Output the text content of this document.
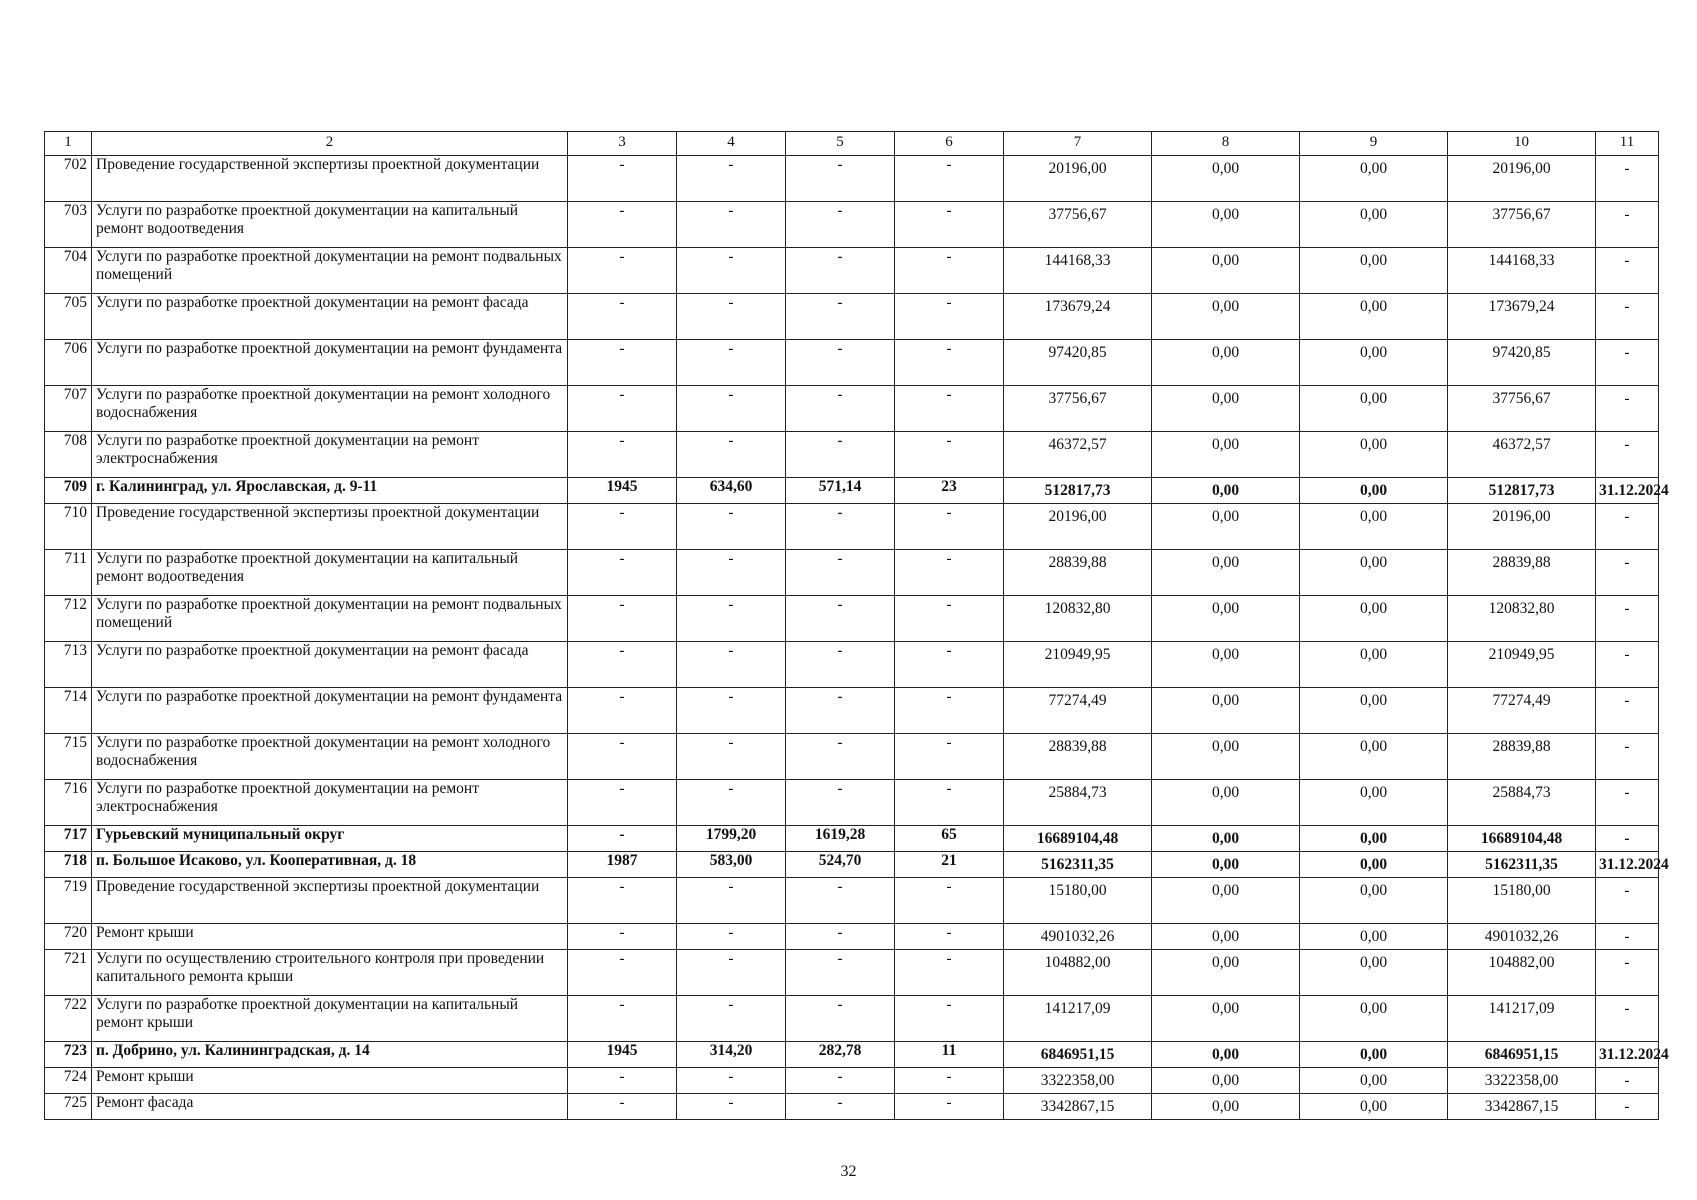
1	2	3	4	5	6	7	8	9	10	11
702	Проведение государственной экспертизы проектной документации	-	-	-	-	20196,00	0,00	0,00	20196,00	-
703	Услуги по разработке проектной документации на капитальный ремонт водоотведения	-	-	-	-	37756,67	0,00	0,00	37756,67	-
704	Услуги по разработке проектной документации на ремонт подвальных помещений	-	-	-	-	144168,33	0,00	0,00	144168,33	-
705	Услуги по разработке проектной документации на ремонт фасада	-	-	-	-	173679,24	0,00	0,00	173679,24	-
706	Услуги по разработке проектной документации на ремонт фундамента	-	-	-	-	97420,85	0,00	0,00	97420,85	-
707	Услуги по разработке проектной документации на ремонт холодного водоснабжения	-	-	-	-	37756,67	0,00	0,00	37756,67	-
708	Услуги по разработке проектной документации на ремонт электроснабжения	-	-	-	-	46372,57	0,00	0,00	46372,57	-
709	г. Калининград, ул. Ярославская, д. 9-11	1945	634,60	571,14	23	512817,73	0,00	0,00	512817,73	31.12.2024
710	Проведение государственной экспертизы проектной документации	-	-	-	-	20196,00	0,00	0,00	20196,00	-
711	Услуги по разработке проектной документации на капитальный ремонт водоотведения	-	-	-	-	28839,88	0,00	0,00	28839,88	-
712	Услуги по разработке проектной документации на ремонт подвальных помещений	-	-	-	-	120832,80	0,00	0,00	120832,80	-
713	Услуги по разработке проектной документации на ремонт фасада	-	-	-	-	210949,95	0,00	0,00	210949,95	-
714	Услуги по разработке проектной документации на ремонт фундамента	-	-	-	-	77274,49	0,00	0,00	77274,49	-
715	Услуги по разработке проектной документации на ремонт холодного водоснабжения	-	-	-	-	28839,88	0,00	0,00	28839,88	-
716	Услуги по разработке проектной документации на ремонт электроснабжения	-	-	-	-	25884,73	0,00	0,00	25884,73	-
717	Гурьевский муниципальный округ	-	1799,20	1619,28	65	16689104,48	0,00	0,00	16689104,48	-
718	п. Большое Исаково, ул. Кооперативная, д. 18	1987	583,00	524,70	21	5162311,35	0,00	0,00	5162311,35	31.12.2024
719	Проведение государственной экспертизы проектной документации	-	-	-	-	15180,00	0,00	0,00	15180,00	-
720	Ремонт крыши	-	-	-	-	4901032,26	0,00	0,00	4901032,26	-
721	Услуги по осуществлению строительного контроля при проведении капитального ремонта крыши	-	-	-	-	104882,00	0,00	0,00	104882,00	-
722	Услуги по разработке проектной документации на капитальный ремонт крыши	-	-	-	-	141217,09	0,00	0,00	141217,09	-
723	п. Добрино, ул. Калининградская, д. 14	1945	314,20	282,78	11	6846951,15	0,00	0,00	6846951,15	31.12.2024
724	Ремонт крыши	-	-	-	-	3322358,00	0,00	0,00	3322358,00	-
725	Ремонт фасада	-	-	-	-	3342867,15	0,00	0,00	3342867,15	-
32
